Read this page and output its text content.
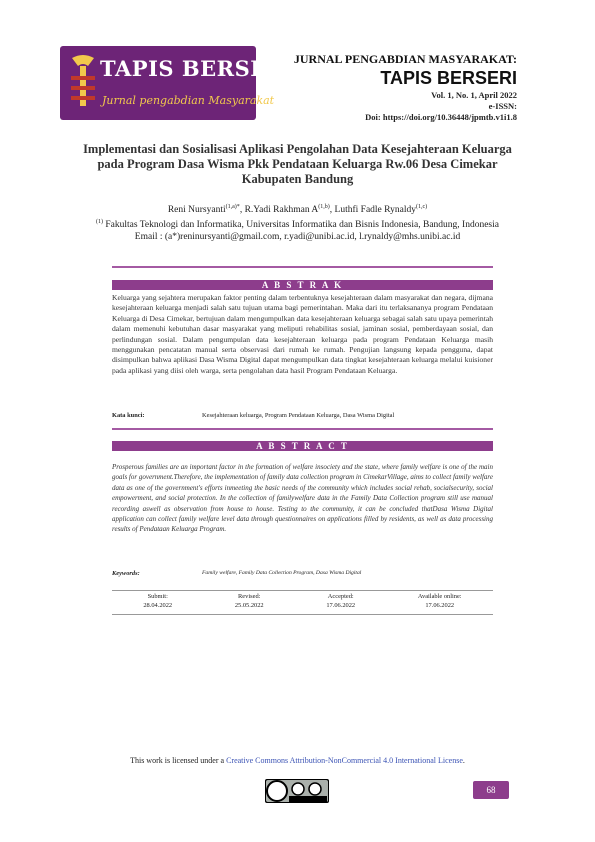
TAPIS BERSERI
Jurnal pengabdian Masyarakat
JURNAL PENGABDIAN MASYARAKAT:
TAPIS BERSERI
Vol. 1, No. 1, April 2022
e-ISSN:
Doi: https://doi.org/10.36448/jpmtb.v1i1.8
Implementasi dan Sosialisasi Aplikasi Pengolahan Data Kesejahteraan Keluarga pada Program Dasa Wisma Pkk Pendataan Keluarga Rw.06 Desa Cimekar Kabupaten Bandung
Reni Nursyanti$^{(1,a)*}$, R.Yadi Rakhman A$^{(1,b)}$, Luthfi Fadle Rynaldy$^{(1,c)}$
$^{(1)}$ Fakultas Teknologi dan Informatika, Universitas Informatika dan Bisnis Indonesia, Bandung, Indonesia
Email : (a*)reninursyanti@gmail.com, r.yadi@unibi.ac.id, l.rynaldy@mhs.unibi.ac.id
A B S T R A K
Keluarga yang sejahtera merupakan faktor penting dalam terbentuknya kesejahteraan dalam masyarakat dan negara, dijmana kesejahteraan keluarga menjadi salah satu tujuan utama bagi pemerintahan. Maka dari itu terlaksananya program Pendataan Keluarga di Desa Cimekar, bertujuan dalam mengumpulkan data kesejahteraan keluarga sebagai salah satu upaya pemerintah dalam memenuhi kebutuhan dasar masyarakat yang meliputi rehabilitas sosial, jaminan sosial, pemberdayaan sosial, dan perlindungan sosial. Dalam pengumpulan data kesejahteraan keluarga pada program Pendataan Keluarga masih menggunakan pencatatan manual serta observasi dari rumah ke rumah. Pengujian langsung kepada pengguna, dapat disimpulkan bahwa aplikasi Dasa Wisma Digital dapat mengumpulkan data tingkat kesejahteraan keluarga melalui kuisioner pada aplikasi yang diisi oleh warga, serta pengolahan data hasil Program Pendataan Keluarga.
Kata kunci:	Kesejahteraan keluarga, Program Pendataan Keluarga, Dasa Wisma Digital
A B S T R A C T
Prosperous families are an important factor in the formation of welfare insociety and the state, where family welfare is one of the main goals for government.Therefore, the implementation of family data collection program in CimekarVillage, aims to collect family welfare data as one of the government's efforts inmeeting the basic needs of the community which includes social rehab, socialsecurity, social empowerment, and social protection. In the collection of familywelfare data in the Family Data Collection program still use manual recording aswell as observation from house to house. Testing to the community, it can be concluded thatDasa Wisma Digital application can collect family welfare level data through questionnaires on applications filled by residents, as well as data processing results of Pendataan Keluarga Program.
Keywords:	Family welfare, Family Data Collection Program, Dasa Wisma Digital
Submit:
28.04.2022
Revised:
25.05.2022
Accepted:
17.06.2022
Available online:
17.06.2022
This work is licensed under a Creative Commons Attribution-NonCommercial 4.0 International License.
68
